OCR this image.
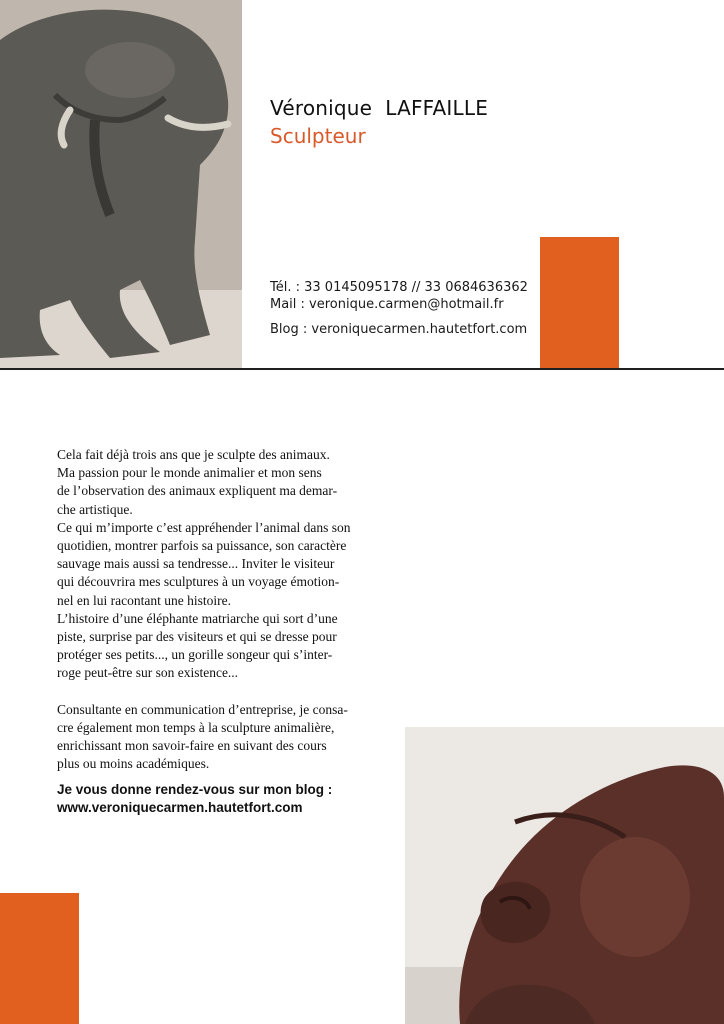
Véronique  LAFFAILLE

Sculpteur

Tél. : 33 0145095178 // 33 0684636362
Mail : veronique.carmen@hotmail.fr
Blog : veroniquecarmen.hautetfort.com

Cela fait déjà trois ans que je sculpte des animaux.

Ma passion pour le monde animalier et mon sens

de l’observation des animaux expliquent ma demar-

che artistique.

Ce qui m’importe c’est appréhender l’animal dans son

quotidien, montrer parfois sa puissance, son caractère

sauvage mais aussi sa tendresse... Inviter le visiteur

qui découvrira mes sculptures à un voyage émotion-

nel en lui racontant une histoire.

L’histoire d’une éléphante matriarche qui sort d’une

piste, surprise par des visiteurs et qui se dresse pour

protéger ses petits..., un gorille songeur qui s’inter-

roge peut-être sur son existence...

Consultante en communication d’entreprise, je consa-

cre également mon temps à la sculpture animalière,

enrichissant mon savoir-faire en suivant des cours

plus ou moins académiques.

Je vous donne rendez-vous sur mon blog :
www.veroniquecarmen.hautetfort.com
